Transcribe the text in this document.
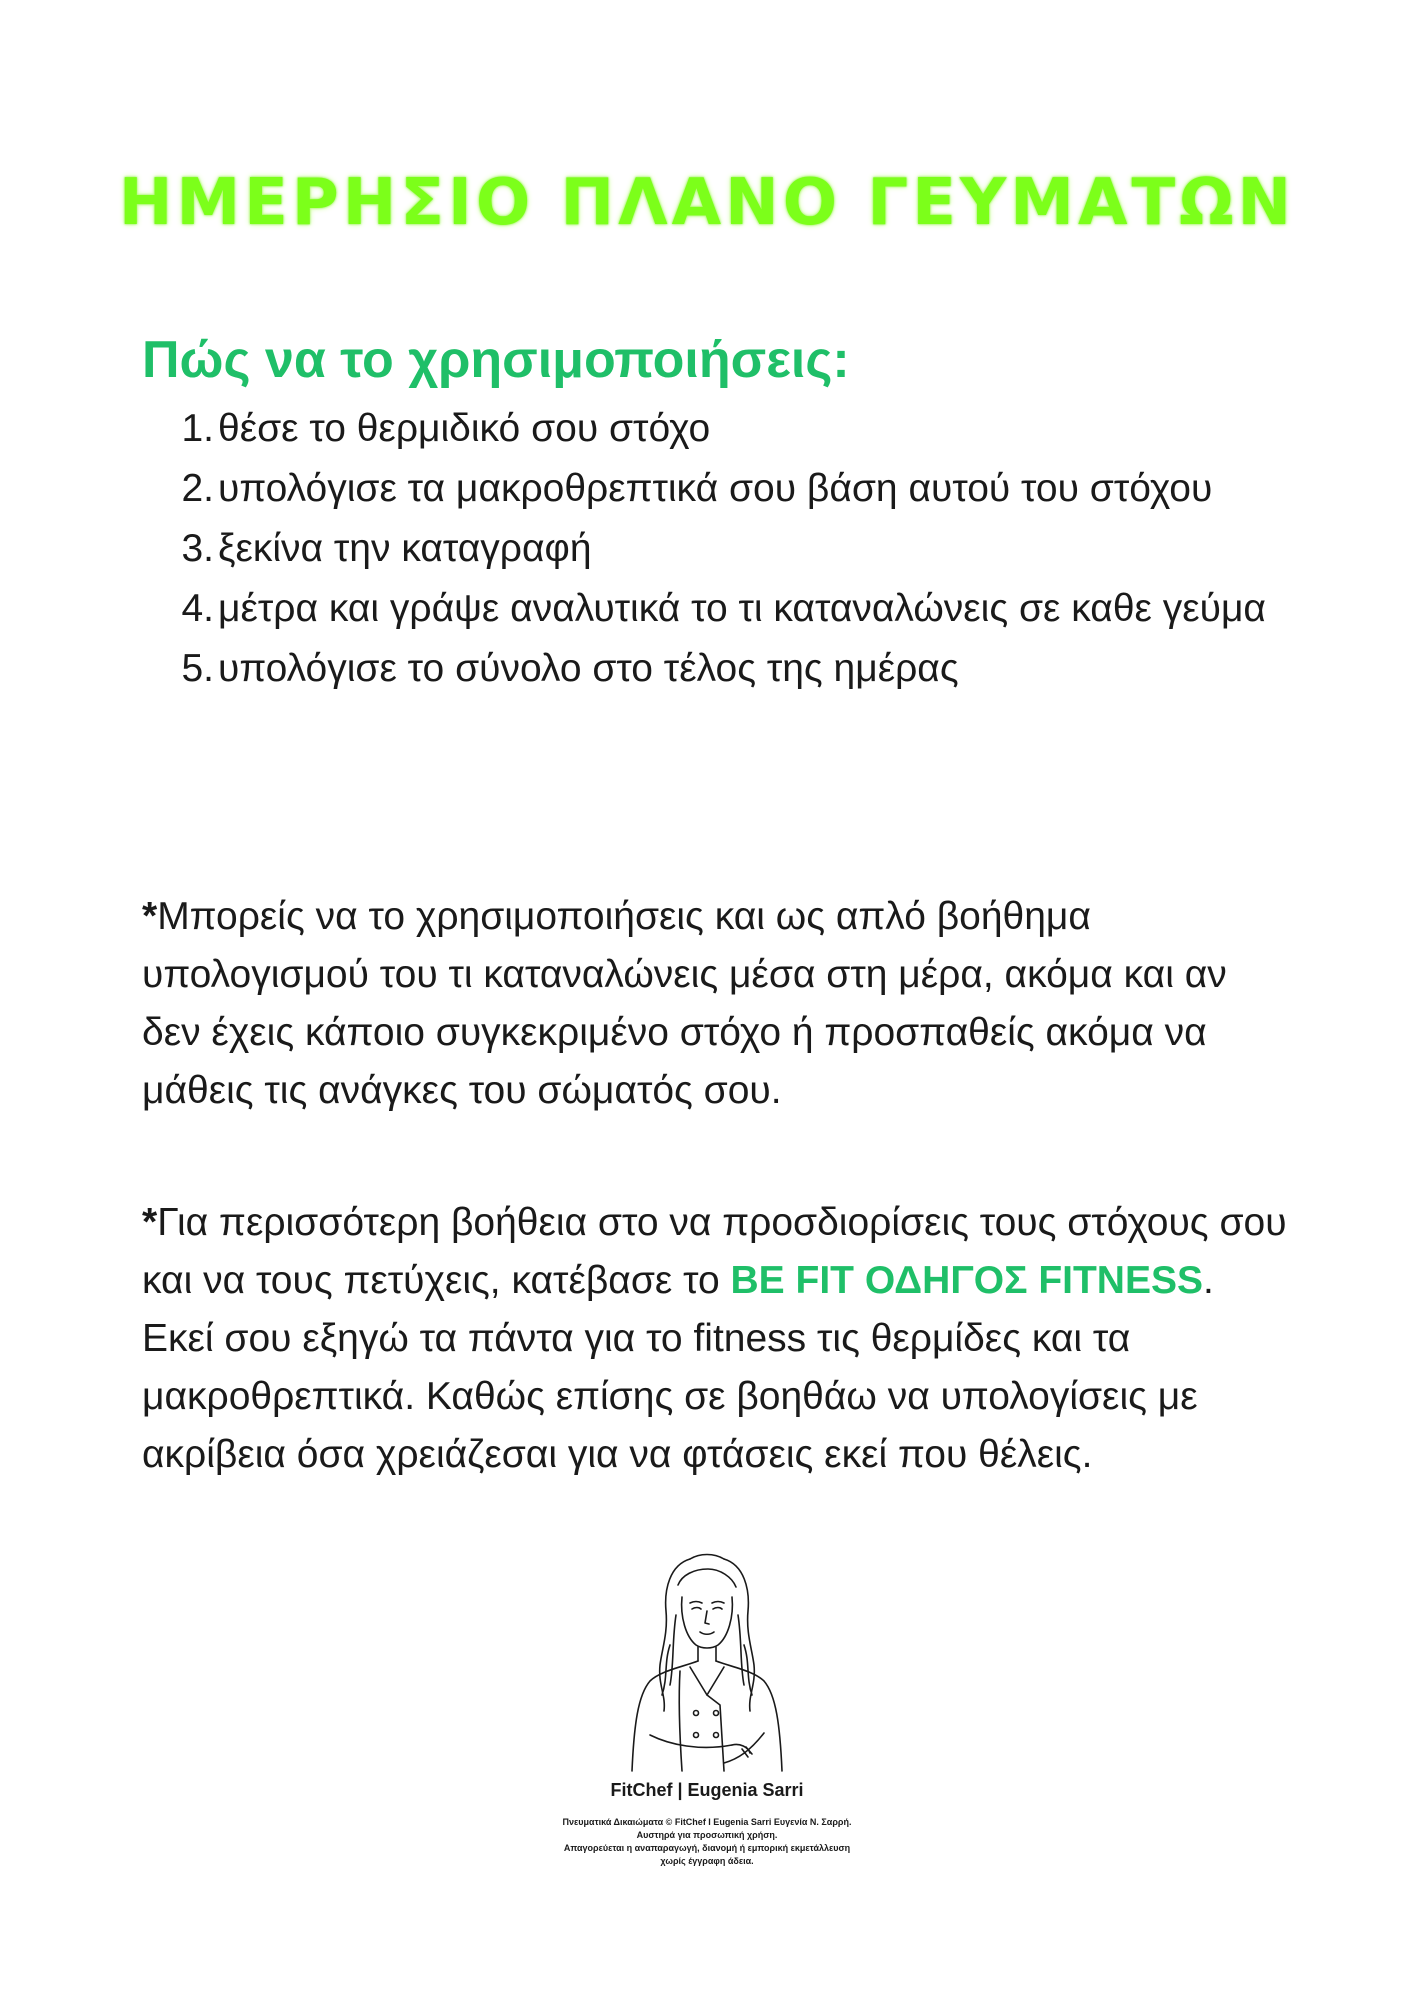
ΗΜΕΡΗΣΙΟ ΠΛΑΝΟ ΓΕΥΜΑΤΩΝ
Πώς να το χρησιμοποιήσεις:
1. θέσε το θερμιδικό σου στόχο
2. υπολόγισε τα μακροθρεπτικά σου βάση αυτού του στόχου
3. ξεκίνα την καταγραφή
4. μέτρα και γράψε αναλυτικά το τι καταναλώνεις σε καθε γεύμα
5. υπολόγισε το σύνολο στο τέλος της ημέρας

*Μπορείς να το χρησιμοποιήσεις και ως απλό βοήθημα υπολογισμού του τι καταναλώνεις μέσα στη μέρα, ακόμα και αν δεν έχεις κάποιο συγκεκριμένο στόχο ή προσπαθείς ακόμα να μάθεις τις ανάγκες του σώματός σου.

*Για περισσότερη βοήθεια στο να προσδιορίσεις τους στόχους σου και να τους πετύχεις, κατέβασε το BE FIT ΟΔΗΓΟΣ FITNESS. Εκεί σου εξηγώ τα πάντα για το fitness τις θερμίδες και τα μακροθρεπτικά. Καθώς επίσης σε βοηθάω να υπολογίσεις με ακρίβεια όσα χρειάζεσαι για να φτάσεις εκεί που θέλεις.

FitChef | Eugenia Sarri

Πνευματικά Δικαιώματα © FitChef I Eugenia Sarri Ευγενία Ν. Σαρρή.
Αυστηρά για προσωπική χρήση.
Απαγορεύεται η αναπαραγωγή, διανομή ή εμπορική εκμετάλλευση
χωρίς έγγραφη άδεια.
